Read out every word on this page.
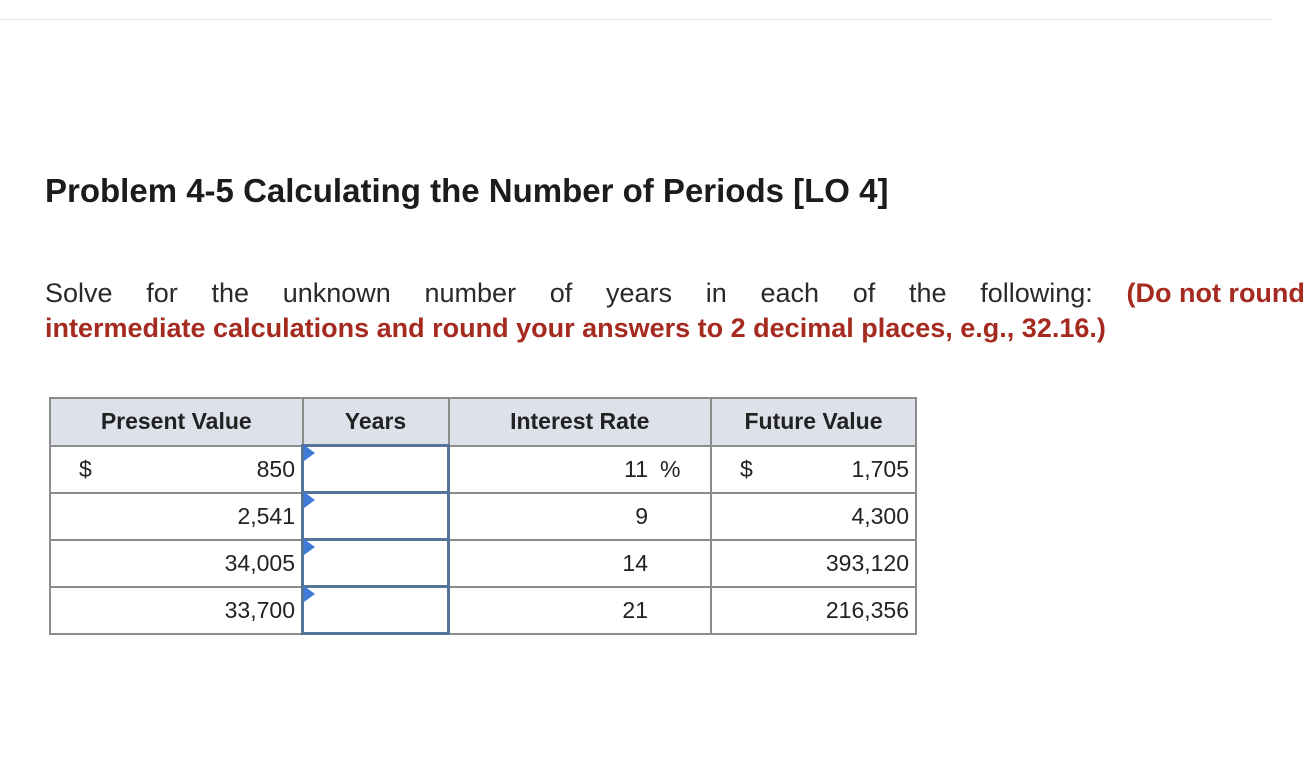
Problem 4-5 Calculating the Number of Periods [LO 4]
Solve for the unknown number of years in each of the following: (Do not round
intermediate calculations and round your answers to 2 decimal places, e.g., 32.16.)
Present Value	Years	Interest Rate		Future Value

$ 850		11	%	$ 1,705

2,541		9		4,300
34,005		14		393,120
33,700		21		216,356
